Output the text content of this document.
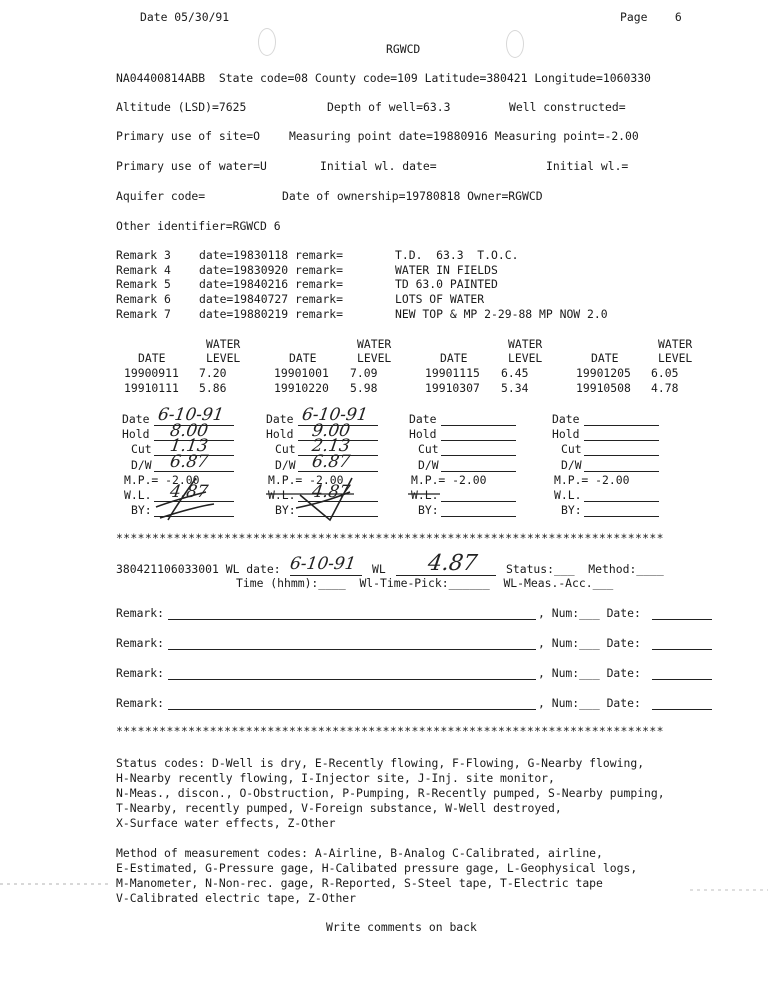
Date 05/30/91	Page    6
RGWCD
NA04400814ABB  State code=08 County code=109 Latitude=380421 Longitude=1060330
Altitude (LSD)=7625	Depth of well=63.3	Well constructed=
Primary use of site=O	Measuring point date=19880916 Measuring point=-2.00
Primary use of water=U	Initial wl. date=	Initial wl.=
Aquifer code=	Date of ownership=19780818 Owner=RGWCD
Other identifier=RGWCD 6
Remark 3 date=19830118 remark=	T.D.  63.3  T.O.C.
Remark 4 date=19830920 remark=	WATER IN FIELDS
Remark 5 date=19840216 remark=	TD 63.0 PAINTED
Remark 6 date=19840727 remark=	LOTS OF WATER
Remark 7 date=19880219 remark=	NEW TOP & MP 2-29-88 MP NOW 2.0
WATER	WATER	WATER	WATER
DATE	LEVEL	DATE	LEVEL	DATE	LEVEL	DATE	LEVEL
19900911 7.20	19901001 7.09	19901115 6.45	19901205 6.05
19910111 5.86	19910220 5.98	19910307 5.34	19910508 4.78
Date 6-10-91
Hold 8.00
Cut 1.13
D/W 6.87
M.P.= -2.00
W.L. 4.87
BY:
Date 6-10-91
Hold 9.00
Cut 2.13
D/W 6.87
M.P.= -2.00
W.L. 4.87
BY:
Date
Hold
Cut
D/W
M.P.= -2.00
W.L.
BY:
Date
Hold
Cut
D/W
M.P.= -2.00
W.L.
BY:
****************************************************************************
380421106033001 WL date: 6-10-91 WL 4.87 Status:___  Method:____
Time (hhmm):____  Wl-Time-Pick:______  WL-Meas.-Acc.___
Remark:	, Num:___ Date:
Remark:	, Num:___ Date:
Remark:	, Num:___ Date:
Remark:	, Num:___ Date:
****************************************************************************
Status codes: D-Well is dry, E-Recently flowing, F-Flowing, G-Nearby flowing,
H-Nearby recently flowing, I-Injector site, J-Inj. site monitor,
N-Meas., discon., O-Obstruction, P-Pumping, R-Recently pumped, S-Nearby pumping,
T-Nearby, recently pumped, V-Foreign substance, W-Well destroyed,
X-Surface water effects, Z-Other
Method of measurement codes: A-Airline, B-Analog C-Calibrated, airline,
E-Estimated, G-Pressure gage, H-Calibated pressure gage, L-Geophysical logs,
M-Manometer, N-Non-rec. gage, R-Reported, S-Steel tape, T-Electric tape
V-Calibrated electric tape, Z-Other
Write comments on back
